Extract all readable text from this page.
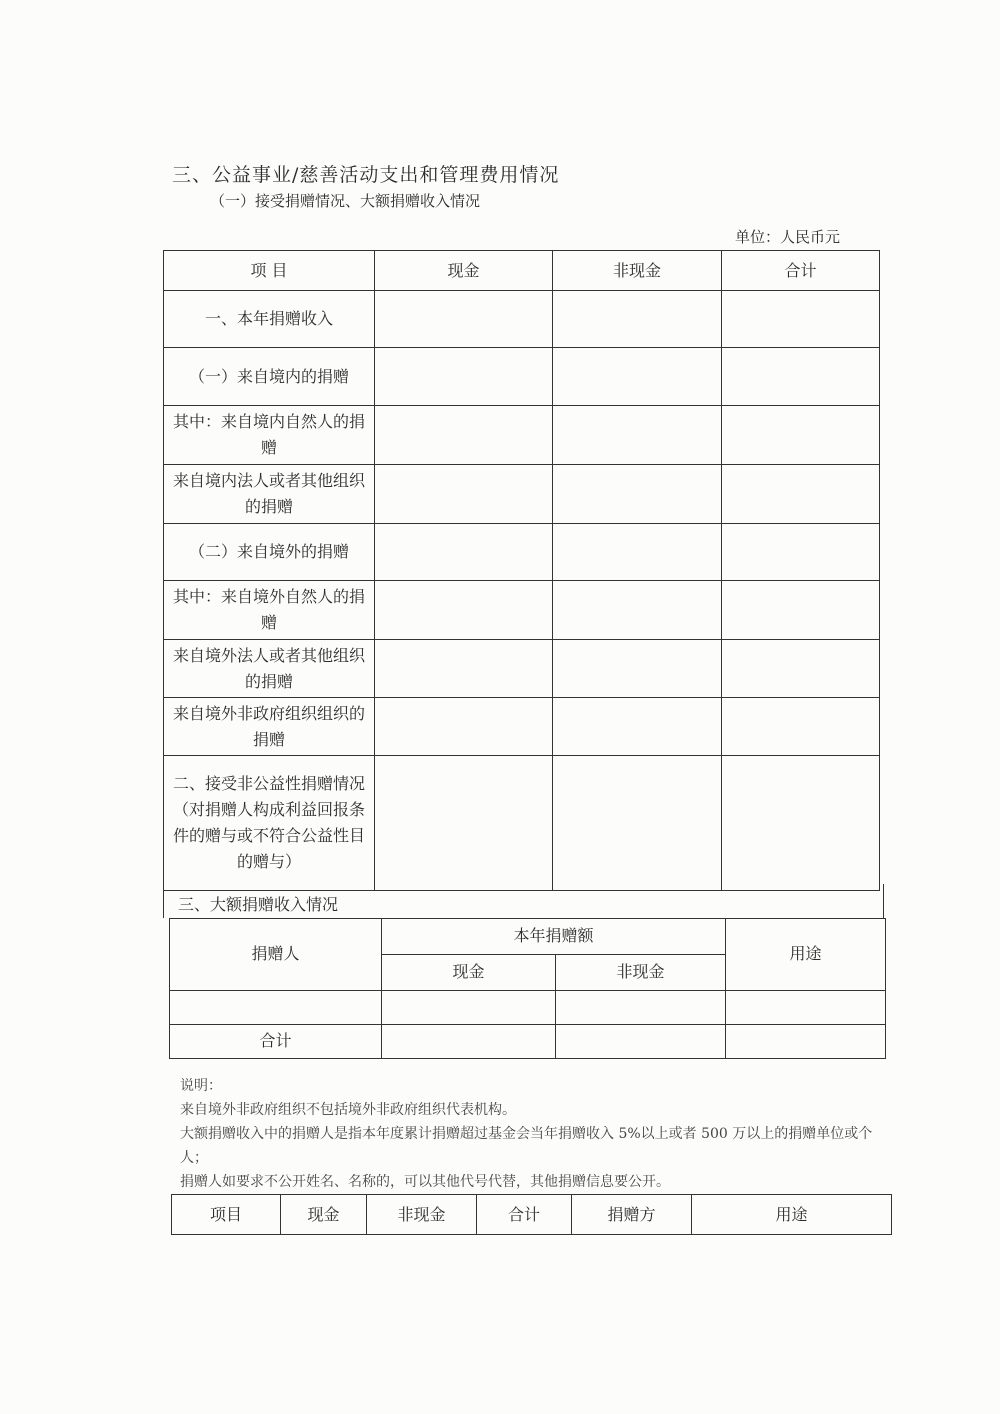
三、公益事业/慈善活动支出和管理费用情况
（一）接受捐赠情况、大额捐赠收入情况
单位：人民币元
项 目	现金	非现金	合计
一、本年捐赠收入			
（一）来自境内的捐赠			
其中：来自境内自然人的捐赠			
来自境内法人或者其他组织的捐赠			
（二）来自境外的捐赠			
其中：来自境外自然人的捐赠			
来自境外法人或者其他组织的捐赠			
来自境外非政府组织组织的捐赠			
二、接受非公益性捐赠情况（对捐赠人构成利益回报条件的赠与或不符合公益性目的赠与）			

捐赠人	本年捐赠额		用途
	现金	非现金	

合计			
三、大额捐赠收入情况
说明：
来自境外非政府组织不包括境外非政府组织代表机构。
大额捐赠收入中的捐赠人是指本年度累计捐赠超过基金会当年捐赠收入 5%以上或者 500 万以上的捐赠单位或个人；
捐赠人如要求不公开姓名、名称的，可以其他代号代替，其他捐赠信息要公开。
项目	现金	非现金	合计	捐赠方	用途
